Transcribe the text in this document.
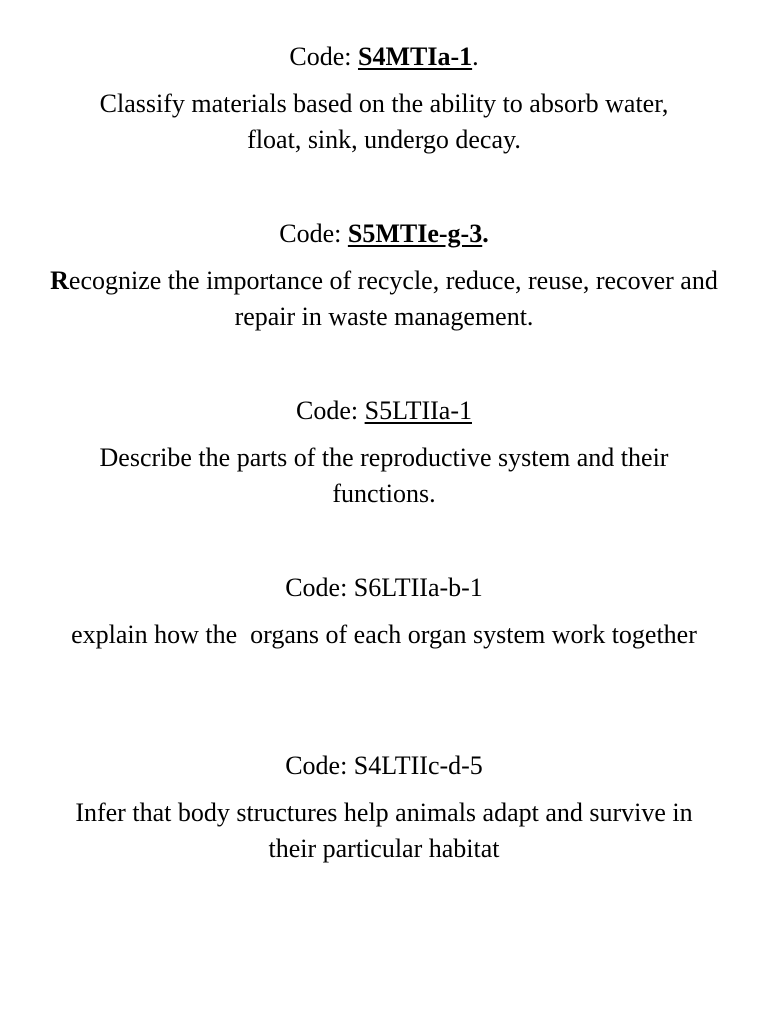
Code: S4MTIa-1.
Classify materials based on the ability to absorb water, float, sink, undergo decay.
Code: S5MTIe-g-3.
Recognize the importance of recycle, reduce, reuse, recover and repair in waste management.
Code: S5LTIIa-1
Describe the parts of the reproductive system and their functions.
Code: S6LTIIa-b-1
explain how the  organs of each organ system work together
Code: S4LTIIc-d-5
Infer that body structures help animals adapt and survive in their particular habitat
